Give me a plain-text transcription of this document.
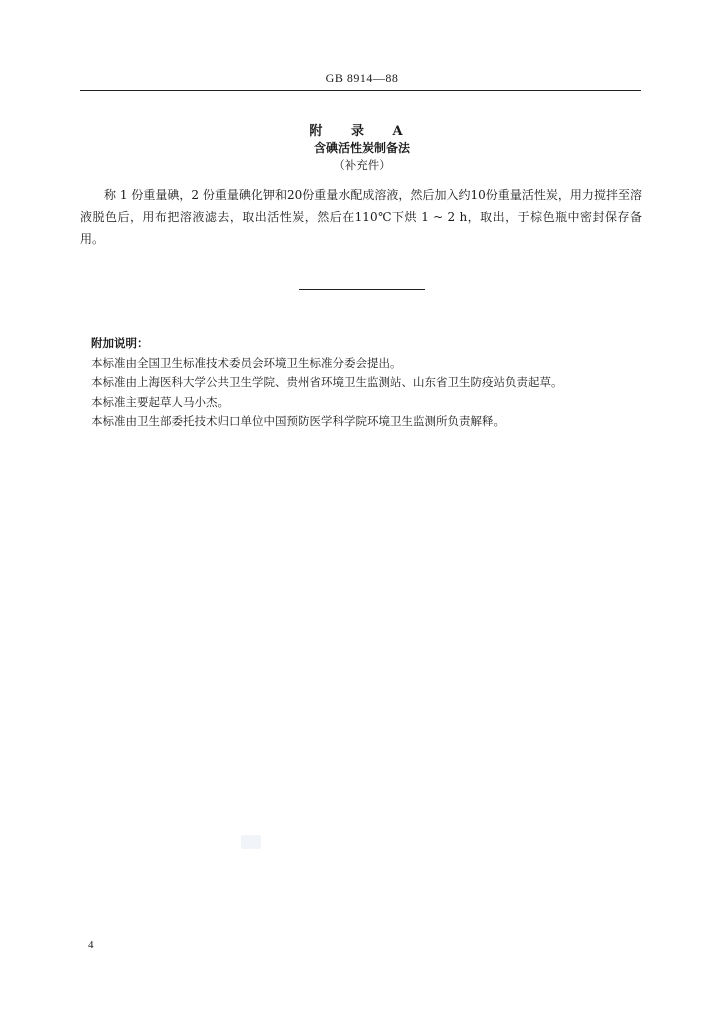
GB 8914—88
附 录 A
含碘活性炭制备法
（补充件）

称 1 份重量碘，2 份重量碘化钾和20份重量水配成溶液，然后加入约10份重量活性炭，用力搅拌至溶液脱色后，用布把溶液滤去，取出活性炭，然后在110℃下烘 1 ~ 2 h，取出，于棕色瓶中密封保存备用。

附加说明：
本标准由全国卫生标准技术委员会环境卫生标准分委会提出。
本标准由上海医科大学公共卫生学院、贵州省环境卫生监测站、山东省卫生防疫站负责起草。
本标准主要起草人马小杰。
本标准由卫生部委托技术归口单位中国预防医学科学院环境卫生监测所负责解释。
4
